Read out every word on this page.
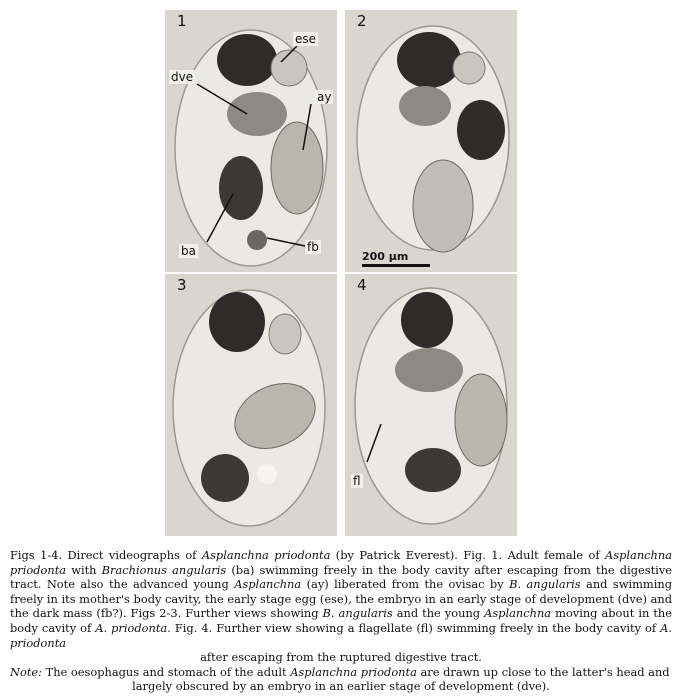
1
ese
dve
ay
ba	fb
2
200 µm
3	4
fl

Figs 1-4. Direct videographs of Asplanchna priodonta (by Patrick Everest). Fig. 1. Adult female of Asplanchna priodonta with Brachionus angularis (ba) swimming freely in the body cavity after escaping from the digestive tract. Note also the advanced young Asplanchna (ay) liberated from the ovisac by B. angularis and swimming freely in its mother's body cavity, the early stage egg (ese), the embryo in an early stage of development (dve) and the dark mass (fb?). Figs 2-3. Further views showing B. angularis and the young Asplanchna moving about in the body cavity of A. priodonta. Fig. 4. Further view showing a flagellate (fl) swimming freely in the body cavity of A. priodonta

after escaping from the ruptured digestive tract.

Note: The oesophagus and stomach of the adult Asplanchna priodonta are drawn up close to the latter's head and

largely obscured by an embryo in an earlier stage of development (dve).
